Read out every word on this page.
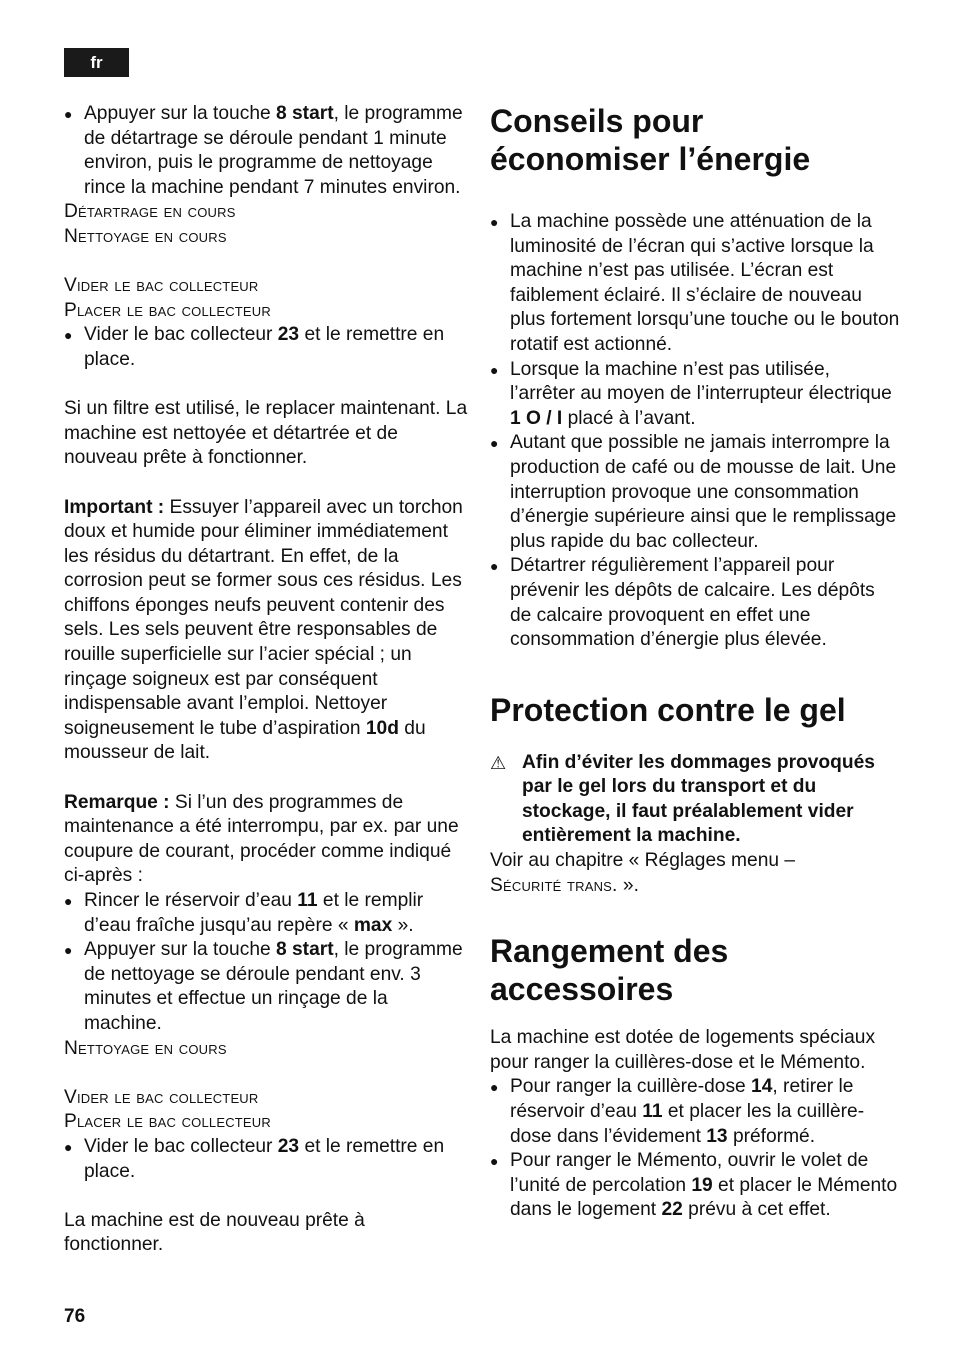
fr

● Appuyer sur la touche 8 start, le programme de détartrage se déroule pendant 1 minute environ, puis le programme de nettoyage rince la machine pendant 7 minutes environ.

Détartrage en cours

Nettoyage en cours

Vider le bac collecteur

Placer le bac collecteur

● Vider le bac collecteur 23 et le remettre en place.

Si un filtre est utilisé, le replacer maintenant. La machine est nettoyée et détartrée et de nouveau prête à fonctionner.

Important : Essuyer l’appareil avec un torchon doux et humide pour éliminer immédiatement les résidus du détartrant. En effet, de la corrosion peut se former sous ces résidus. Les chiffons éponges neufs peuvent contenir des sels. Les sels peuvent être responsables de rouille superficielle sur l’acier spécial ; un rinçage soigneux est par conséquent indispensable avant l’emploi. Nettoyer soigneusement le tube d’aspiration 10d du mousseur de lait.

Remarque : Si l’un des programmes de maintenance a été interrompu, par ex. par une coupure de courant, procéder comme indiqué ci-après :

● Rincer le réservoir d’eau 11 et le remplir d’eau fraîche jusqu’au repère « max ».

● Appuyer sur la touche 8 start, le programme de nettoyage se déroule pendant env. 3 minutes et effectue un rinçage de la machine.

Nettoyage en cours

Vider le bac collecteur

Placer le bac collecteur

● Vider le bac collecteur 23 et le remettre en place.

La machine est de nouveau prête à fonctionner.

Conseils pour
économiser l’énergie

● La machine possède une atténuation de la luminosité de l’écran qui s’active lorsque la machine n’est pas utilisée. L’écran est faiblement éclairé. Il s’éclaire de nouveau plus fortement lorsqu’une touche ou le bouton rotatif est actionné.

● Lorsque la machine n’est pas utilisée, l’arrêter au moyen de l’interrupteur électrique 1 O / I placé à l’avant.

● Autant que possible ne jamais interrompre la production de café ou de mousse de lait. Une interruption provoque une consommation d’énergie supérieure ainsi que le remplissage plus rapide du bac collecteur.

● Détartrer régulièrement l’appareil pour prévenir les dépôts de calcaire. Les dépôts de calcaire provoquent en effet une consommation d’énergie plus élevée.

Protection contre le gel

⚠ Afin d’éviter les dommages provoqués par le gel lors du transport et du stockage, il faut préalablement vider entièrement la machine.

Voir au chapitre « Réglages menu –
Sécurité trans. ».

Rangement des
accessoires

La machine est dotée de logements spéciaux pour ranger la cuillères-dose et le Mémento.

● Pour ranger la cuillère-dose 14, retirer le réservoir d’eau 11 et placer les la cuillère-dose dans l’évidement 13 préformé.

● Pour ranger le Mémento, ouvrir le volet de l’unité de percolation 19 et placer le Mémento dans le logement 22 prévu à cet effet.

76
